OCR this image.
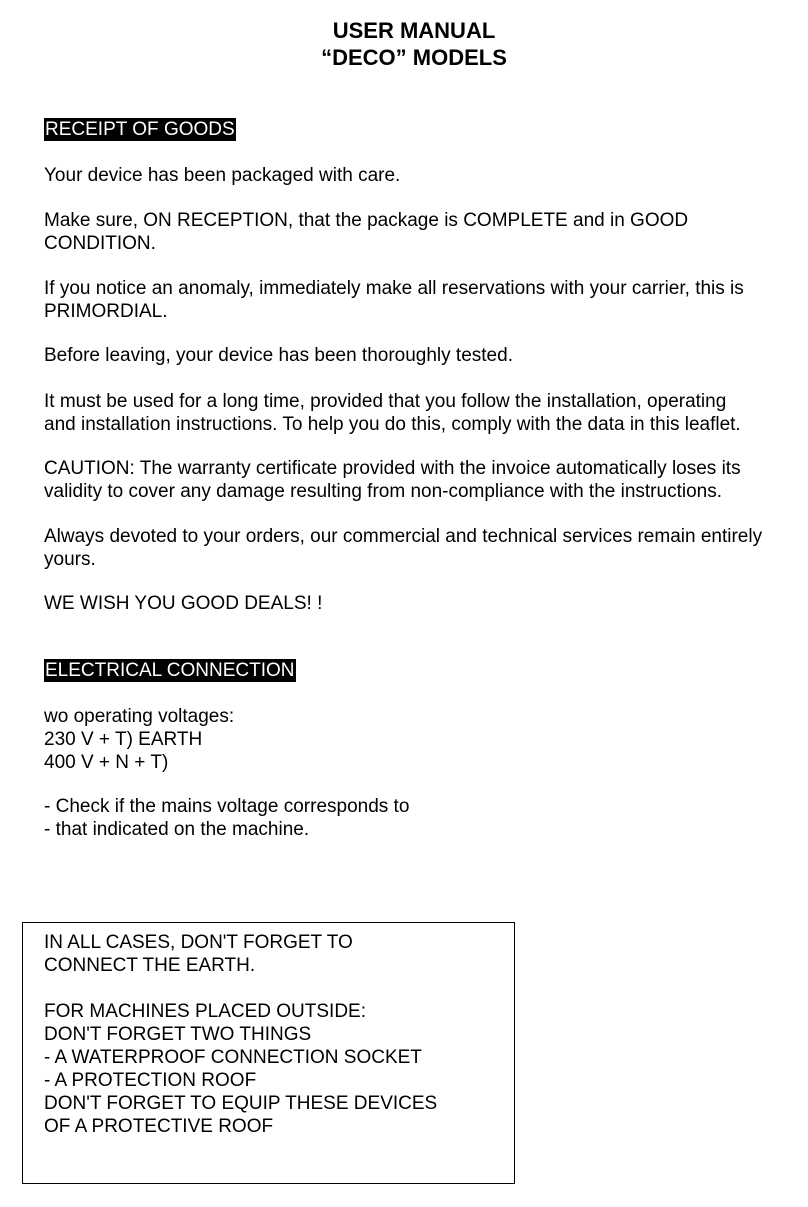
USER MANUAL
“DECO” MODELS
RECEIPT OF GOODS

Your device has been packaged with care.

Make sure, ON RECEPTION, that the package is COMPLETE and in GOOD
CONDITION.

If you notice an anomaly, immediately make all reservations with your carrier, this is
PRIMORDIAL.

Before leaving, your device has been thoroughly tested.

It must be used for a long time, provided that you follow the installation, operating
and installation instructions. To help you do this, comply with the data in this leaflet.

CAUTION: The warranty certificate provided with the invoice automatically loses its
validity to cover any damage resulting from non-compliance with the instructions.

Always devoted to your orders, our commercial and technical services remain entirely
yours.

WE WISH YOU GOOD DEALS! !

ELECTRICAL CONNECTION

wo operating voltages:
230 V + T) EARTH
400 V + N + T)

- Check if the mains voltage corresponds to
- that indicated on the machine.

IN ALL CASES, DON'T FORGET TO
CONNECT THE EARTH.

FOR MACHINES PLACED OUTSIDE:
DON'T FORGET TWO THINGS
- A WATERPROOF CONNECTION SOCKET
- A PROTECTION ROOF
DON'T FORGET TO EQUIP THESE DEVICES
OF A PROTECTIVE ROOF
